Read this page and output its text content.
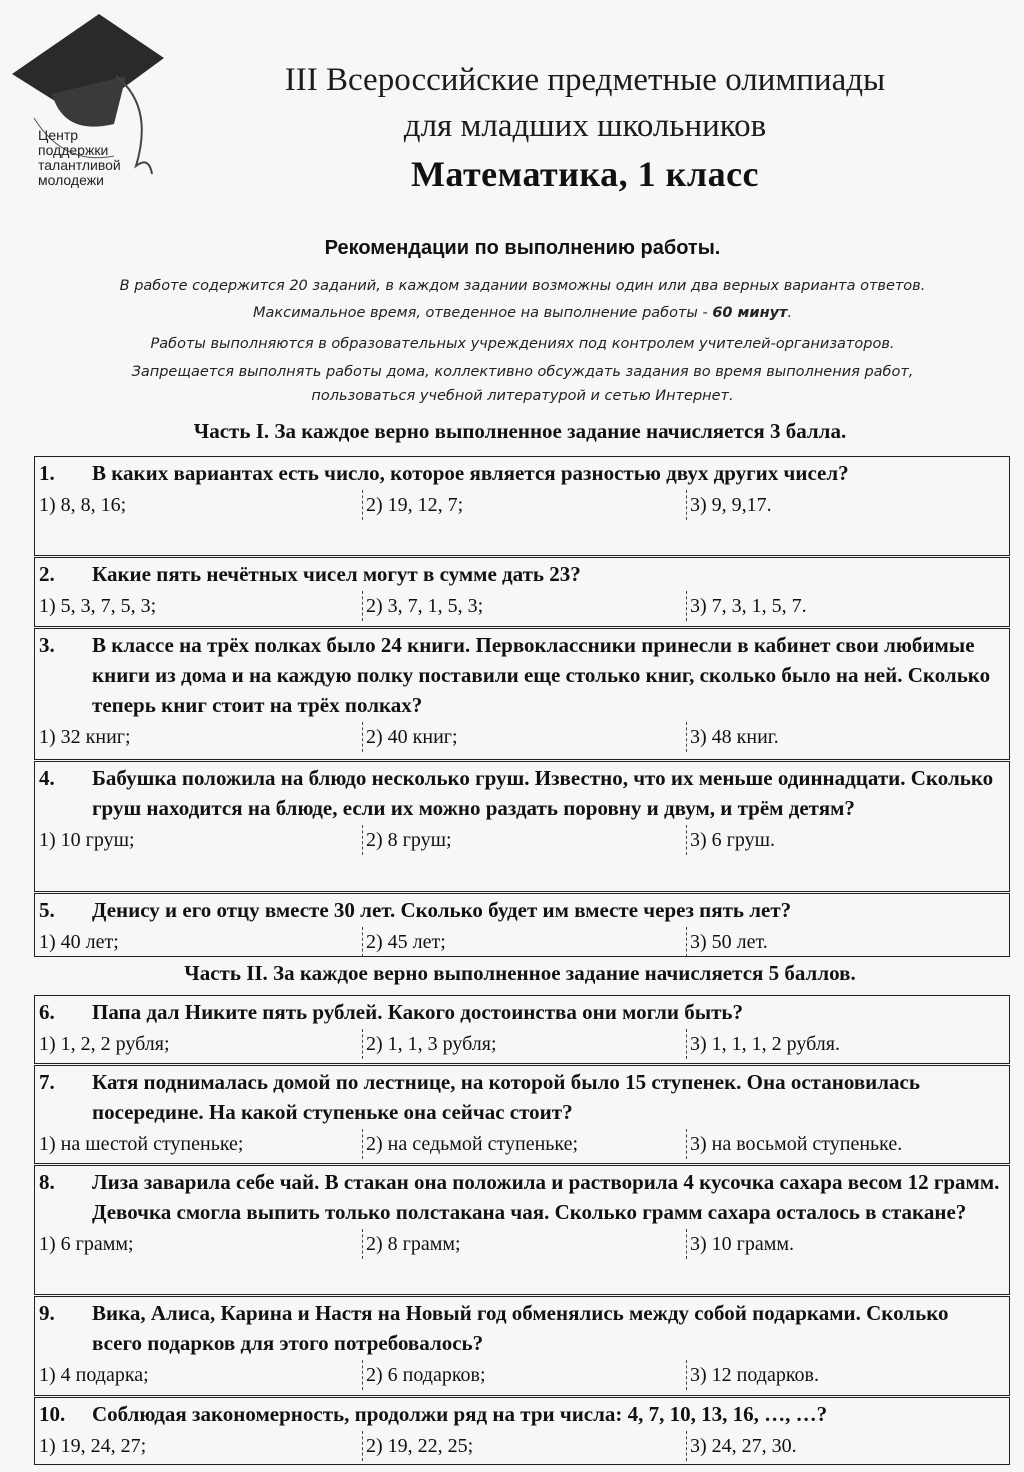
Центр
поддержки
талантливой
молодежи
III Всероссийские предметные олимпиады
для младших школьников
Математика, 1 класс
Рекомендации по выполнению работы.
В работе содержится 20 заданий, в каждом задании возможны один или два верных варианта ответов.
Максимальное время, отведенное на выполнение работы - 60 минут.
Работы выполняются в образовательных учреждениях под контролем учителей-организаторов.
Запрещается выполнять работы дома, коллективно обсуждать задания во время выполнения работ,
пользоваться учебной литературой и сетью Интернет.
Часть I. За каждое верно выполненное задание начисляется 3 балла.
1. В каких вариантах есть число, которое является разностью двух других чисел?
1) 8, 8, 16;	2) 19, 12, 7;	3) 9, 9,17.
2. Какие пять нечётных чисел могут в сумме дать 23?
1) 5, 3, 7, 5, 3;	2) 3, 7, 1, 5, 3;	3) 7, 3, 1, 5, 7.
3. В классе на трёх полках было 24 книги. Первоклассники принесли в кабинет свои любимые книги из дома и на каждую полку поставили еще столько книг, сколько было на ней. Сколько теперь книг стоит на трёх полках?
1) 32 книг;	2) 40 книг;	3) 48 книг.
4. Бабушка положила на блюдо несколько груш. Известно, что их меньше одиннадцати. Сколько груш находится на блюде, если их можно раздать поровну и двум, и трём детям?
1) 10 груш;	2) 8 груш;	3) 6 груш.
5. Денису и его отцу вместе 30 лет. Сколько будет им вместе через пять лет?
1) 40 лет;	2) 45 лет;	3) 50 лет.
Часть II. За каждое верно выполненное задание начисляется 5 баллов.
6. Папа дал Никите пять рублей. Какого достоинства они могли быть?
1) 1, 2, 2 рубля;	2) 1, 1, 3 рубля;	3) 1, 1, 1, 2 рубля.
7. Катя поднималась домой по лестнице, на которой было 15 ступенек. Она остановилась посередине. На какой ступеньке она сейчас стоит?
1) на шестой ступеньке;	2) на седьмой ступеньке;	3) на восьмой ступеньке.
8. Лиза заварила себе чай. В стакан она положила и растворила 4 кусочка сахара весом 12 грамм. Девочка смогла выпить только полстакана чая. Сколько грамм сахара осталось в стакане?
1) 6 грамм;	2) 8 грамм;	3) 10 грамм.
9. Вика, Алиса, Карина и Настя на Новый год обменялись между собой подарками. Сколько всего подарков для этого потребовалось?
1) 4 подарка;	2) 6 подарков;	3) 12 подарков.
10. Соблюдая закономерность, продолжи ряд на три числа: 4, 7, 10, 13, 16, …, …?
1) 19, 24, 27;	2) 19, 22, 25;	3) 24, 27, 30.
